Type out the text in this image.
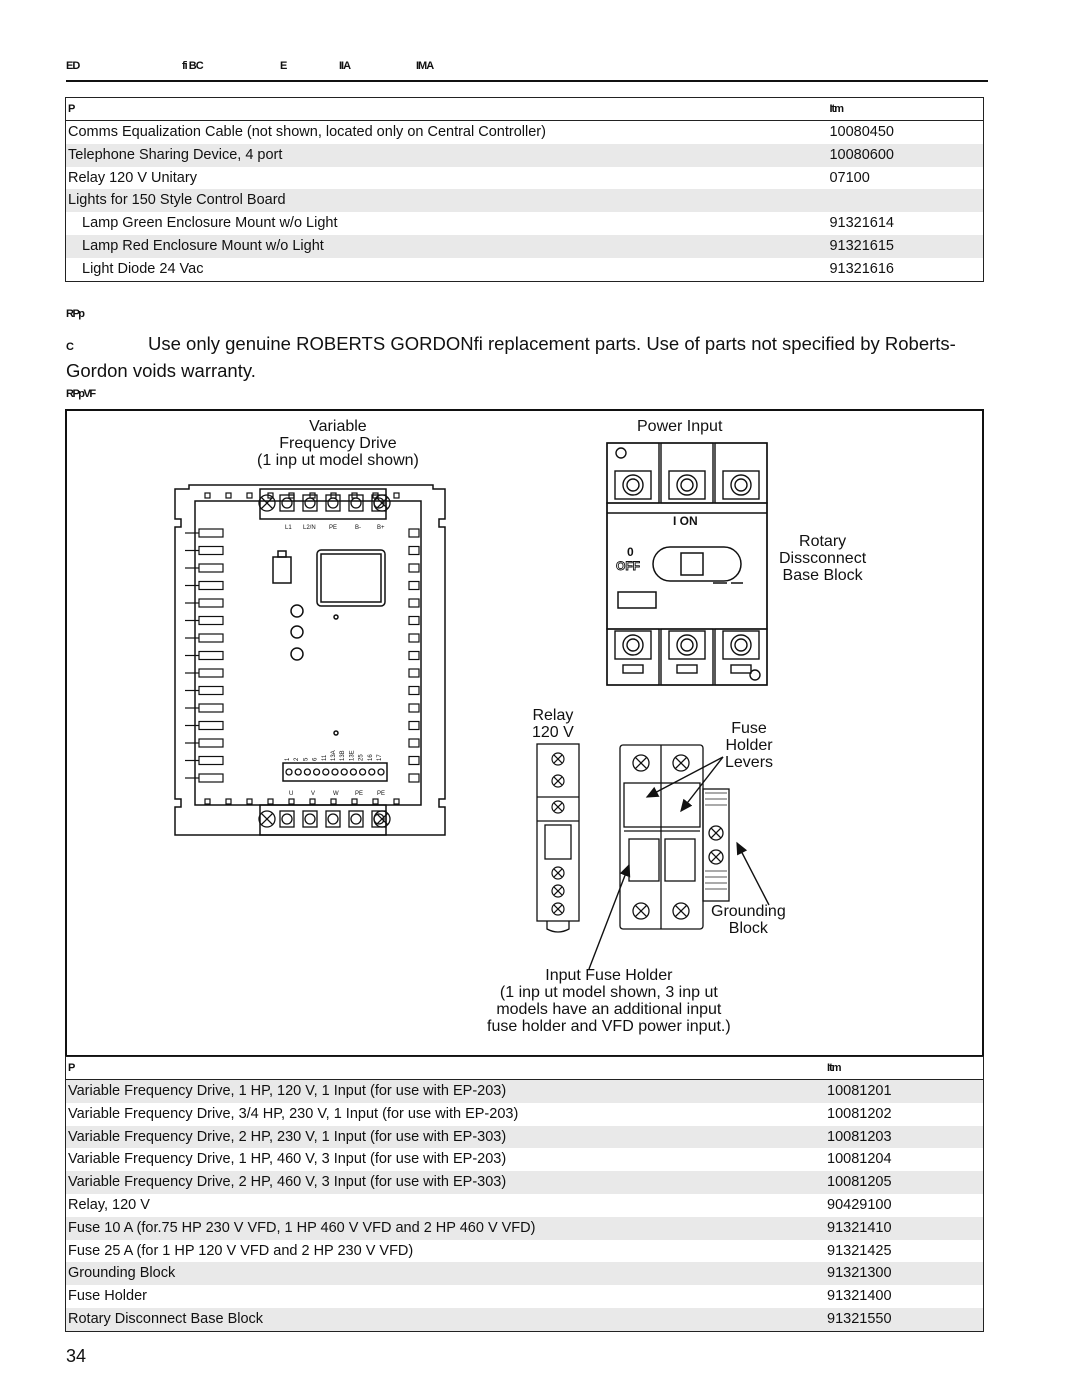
ED	fi BC	E	IIA	IMA
P	Itm
Comms Equalization Cable (not shown, located only on Central Controller)	10080450
Telephone Sharing Device, 4 port	10080600
Relay 120 V Unitary	07100
Lights for 150 Style Control Board	
Lamp Green Enclosure Mount w/o Light	91321614
Lamp Red Enclosure Mount w/o Light	91321615
Light Diode 24 Vac	91321616
RPp
C	Use only genuine ROBERTS GORDONfi replacement parts. Use of parts not specified by Roberts-Gordon voids warranty.
RPpVF
L1 L2/N PE	B-	B+
U	V	W	PE PE
1 2 5 6 11 13A 13B 13E 25 16 17
I ON
0
OFF
Variable
Frequency Drive
(1 inp ut model shown)
Power Input
Rotary
Dissconnect
Base Block
Relay
120 V	Fuse
Holder
Levers
Grounding
Block
Input Fuse Holder
(1 inp ut model shown, 3 inp ut
models have an additional input
fuse holder and VFD power input.)
P	Itm
Variable Frequency Drive, 1 HP, 120 V, 1 Input (for use with EP-203)	10081201
Variable Frequency Drive, 3/4 HP, 230 V, 1 Input (for use with EP-203)	10081202
Variable Frequency Drive, 2 HP, 230 V, 1 Input (for use with EP-303)	10081203
Variable Frequency Drive, 1 HP, 460 V, 3 Input (for use with EP-203)	10081204
Variable Frequency Drive, 2 HP, 460 V, 3 Input (for use with EP-303)	10081205
Relay, 120 V	90429100
Fuse 10 A (for.75 HP 230 V VFD, 1 HP 460 V VFD and 2 HP 460 V VFD)	91321410
Fuse 25 A (for 1 HP 120 V VFD and 2 HP 230 V VFD)	91321425
Grounding Block	91321300
Fuse Holder	91321400
Rotary Disconnect Base Block	91321550
34
